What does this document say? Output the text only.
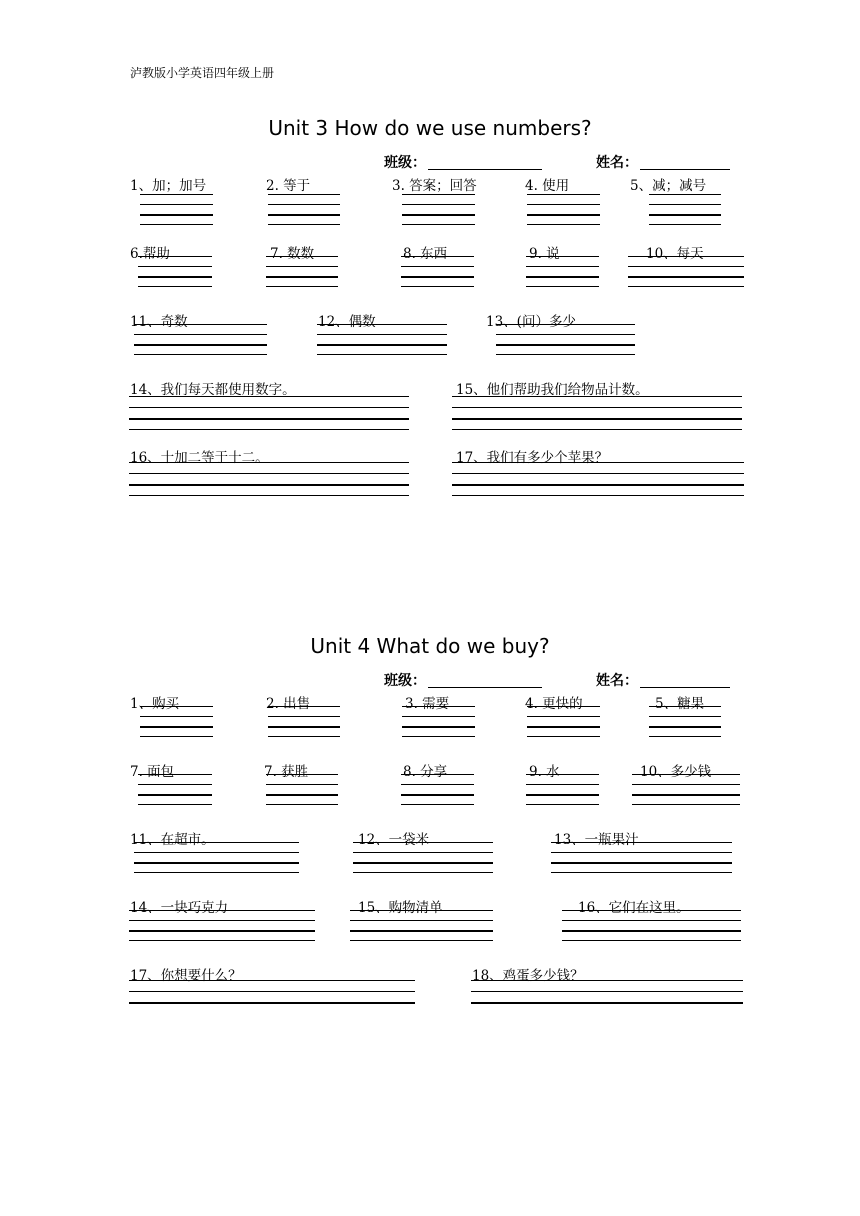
泸教版小学英语四年级上册
Unit 3 How do we use numbers?
班级：	姓名：
1、加；加号	2. 等于	3. 答案；回答	4. 使用	5、减；减号
6.帮助	7. 数数	8. 东西	9. 说	10、每天
11、奇数	12、偶数	13、(问）多少
14、我们每天都使用数字。	15、他们帮助我们给物品计数。
16、十加二等于十二。	17、我们有多少个苹果？
Unit 4 What do we buy?
班级：	姓名：
1、购买	2. 出售	3. 需要	4. 更快的	5、糖果
7. 面包	7. 获胜	8. 分享	9. 水	10、多少钱
11、在超市。	12、一袋米	13、一瓶果汁
14、一块巧克力	15、购物清单	16、它们在这里。
17、你想要什么？	18、鸡蛋多少钱？
